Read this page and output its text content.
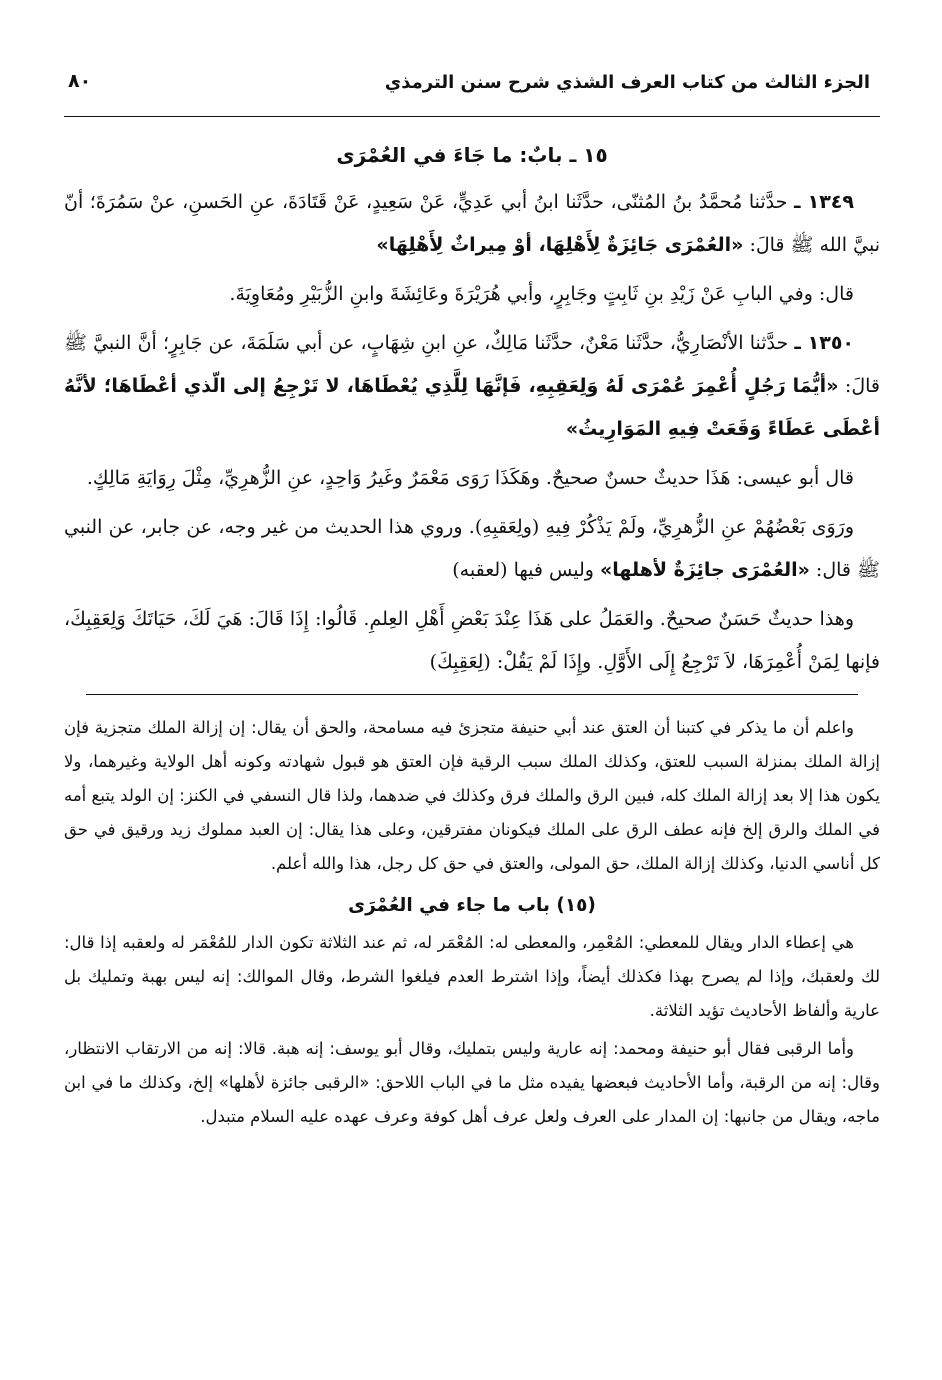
الجزء الثالث من كتاب العرف الشذي شرح سنن الترمذي
٨٠
١٥ ـ بابٌ: ما جَاءَ في العُمْرَى

١٣٤٩ ـ حدَّثنا مُحمَّدُ بنُ المُثنّى، حدَّثَنا ابنُ أبي عَدِيٍّ، عَنْ سَعِيدٍ، عَنْ قَتَادَةَ، عنِ الحَسنِ، عنْ سَمُرَةَ؛ أنّ نبيَّ الله ﷺ قالَ: «العُمْرَى جَائِزَةٌ لِأَهْلِهَا، أوْ مِيراثٌ لِأَهْلِهَا»

قال: وفي البابِ عَنْ زَيْدِ بنِ ثَابِتٍ وجَابِرٍ، وأبي هُرَيْرَةَ وعَائِشَةَ وابنِ الزُّبَيْرِ ومُعَاوِيَةَ.

١٣٥٠ ـ حدَّثنا الأنْصَارِيُّ، حدَّثَنا مَعْنٌ، حدَّثَنا مَالِكٌ، عنِ ابنِ شِهَابٍ، عن أبي سَلَمَةَ، عن جَابِرٍ؛ أنَّ النبيَّ ﷺ قالَ: «أيُّمَا رَجُلٍ أُعْمِرَ عُمْرَى لَهُ وَلِعَقِبِهِ، فَإنَّهَا لِلَّذِي يُعْطَاهَا، لا تَرْجِعُ إلى الّذي أعْطَاهَا؛ لأنَّهُ أعْطَى عَطَاءً وَقَعَتْ فِيهِ المَوَارِيثُ»

قال أبو عيسى: هَذَا حديثٌ حسنٌ صحيحٌ. وهَكَذَا رَوَى مَعْمَرٌ وغَيرُ وَاحِدٍ، عنِ الزُّهرِيِّ، مِثْلَ رِوَايَةِ مَالِكٍ.

ورَوَى بَعْضُهُمْ عنِ الزُّهرِيِّ، ولَمْ يَذْكُرْ فِيهِ (ولِعَقبِهِ). وروي هذا الحديث من غير وجه، عن جابر، عن النبي ﷺ قال: «العُمْرَى جائِزَةٌ لأهلها» وليس فيها (لعقبه)

وهذا حديثٌ حَسَنٌ صحيحٌ. والعَمَلُ على هَذَا عِنْدَ بَعْضِ أَهْلِ العِلمِ. قَالُوا: إِذَا قَالَ: هَيَ لَكَ، حَيَاتَكَ وَلِعَقِبِكَ، فإنها لِمَنْ أُعْمِرَهَا، لاَ تَرْجِعُ إِلَى الأَوَّلِ. وإِذَا لَمْ يَقُلْ: (لِعَقِبِكَ)

واعلم أن ما يذكر في كتبنا أن العتق عند أبي حنيفة متجزئ فيه مسامحة، والحق أن يقال: إن إزالة الملك متجزية فإن إزالة الملك بمنزلة السبب للعتق، وكذلك الملك سبب الرقية فإن العتق هو قبول شهادته وكونه أهل الولاية وغيرهما، ولا يكون هذا إلا بعد إزالة الملك كله، فبين الرق والملك فرق وكذلك في ضدهما، ولذا قال النسفي في الكنز: إن الولد يتبع أمه في الملك والرق إلخ فإنه عطف الرق على الملك فيكونان مفترقين، وعلى هذا يقال: إن العبد مملوك زيد ورقيق في حق كل أناسي الدنيا، وكذلك إزالة الملك، حق المولى، والعتق في حق كل رجل، هذا والله أعلم.

(١٥) باب ما جاء في العُمْرَى

هي إعطاء الدار ويقال للمعطي: المُعْمِر، والمعطى له: المُعْمَر له، ثم عند الثلاثة تكون الدار للمُعْمَر له ولعقبه إذا قال: لك ولعقبك، وإذا لم يصرح بهذا فكذلك أيضاً، وإذا اشترط العدم فيلغوا الشرط، وقال الموالك: إنه ليس بهبة وتمليك بل عارية وألفاظ الأحاديث تؤيد الثلاثة.

وأما الرقبى فقال أبو حنيفة ومحمد: إنه عارية وليس بتمليك، وقال أبو يوسف: إنه هبة. قالا: إنه من الارتقاب الانتظار، وقال: إنه من الرقبة، وأما الأحاديث فبعضها يفيده مثل ما في الباب اللاحق: «الرقبى جائزة لأهلها» إلخ، وكذلك ما في ابن ماجه، ويقال من جانبها: إن المدار على العرف ولعل عرف أهل كوفة وعرف عهده عليه السلام متبدل.
